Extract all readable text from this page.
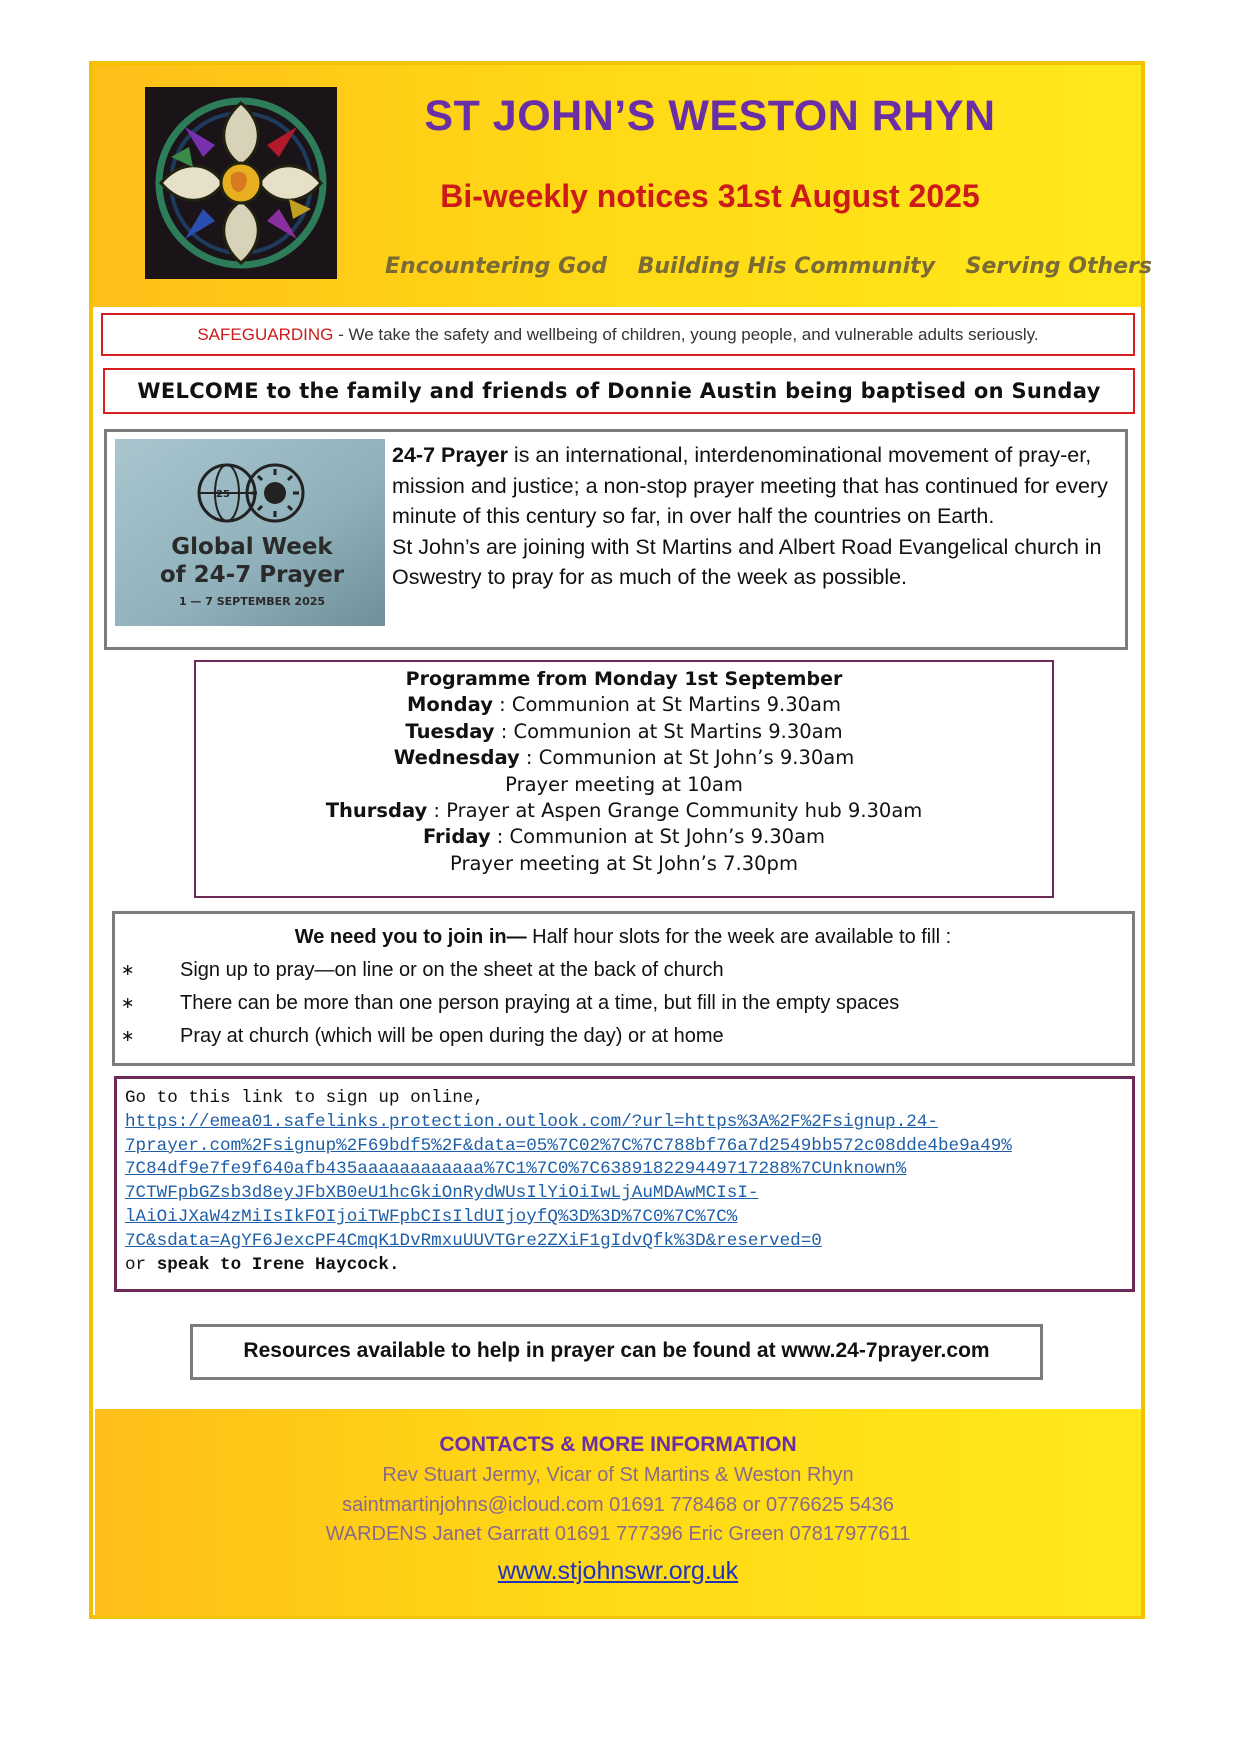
ST JOHN’S WESTON RHYN
Bi-weekly notices 31st August 2025
Encountering God    Building His Community    Serving Others
SAFEGUARDING - We take the safety and wellbeing of children, young people, and vulnerable adults seriously.
WELCOME to the family and friends of Donnie Austin being baptised on Sunday
'25
Global Week
of 24-7 Prayer
1 — 7 SEPTEMBER 2025
24-7 Prayer is an international, interdenominational movement of pray-er, mission and justice; a non-stop prayer meeting that has continued for every minute of this century so far, in over half the countries on Earth.
St John’s are joining with St Martins and Albert Road Evangelical church in Oswestry to pray for as much of the week as possible.
Programme from Monday 1st September
Monday : Communion at St Martins 9.30am
Tuesday : Communion at St Martins 9.30am
Wednesday : Communion at St John’s 9.30am
Prayer meeting at 10am
Thursday : Prayer at Aspen Grange Community hub 9.30am
Friday : Communion at St John’s 9.30am
Prayer meeting at St John’s 7.30pm
We need you to join in— Half hour slots for the week are available to fill :
∗ Sign up to pray—on line or on the sheet at the back of church
∗ There can be more than one person praying at a time, but fill in the empty spaces
∗ Pray at church (which will be open during the day) or at home
Go to this link to sign up online,
https://emea01.safelinks.protection.outlook.com/?url=https%3A%2F%2Fsignup.24-
7prayer.com%2Fsignup%2F69bdf5%2F&data=05%7C02%7C%7C788bf76a7d2549bb572c08dde4be9a49%
7C84df9e7fe9f640afb435aaaaaaaaaaaa%7C1%7C0%7C638918229449717288%7CUnknown%
7CTWFpbGZsb3d8eyJFbXB0eU1hcGkiOnRydWUsIlYiOiIwLjAuMDAwMCIsI-
lAiOiJXaW4zMiIsIkFOIjoiTWFpbCIsIldUIjoyfQ%3D%3D%7C0%7C%7C%
7C&sdata=AgYF6JexcPF4CmqK1DvRmxuUUVTGre2ZXiF1gIdvQfk%3D&reserved=0
or speak to Irene Haycock.
Resources available to help in prayer can be found at www.24-7prayer.com
CONTACTS & MORE INFORMATION
Rev Stuart Jermy, Vicar of St Martins & Weston Rhyn
saintmartinjohns@icloud.com 01691 778468 or 0776625 5436
WARDENS Janet Garratt 01691 777396 Eric Green 07817977611
www.stjohnswr.org.uk
